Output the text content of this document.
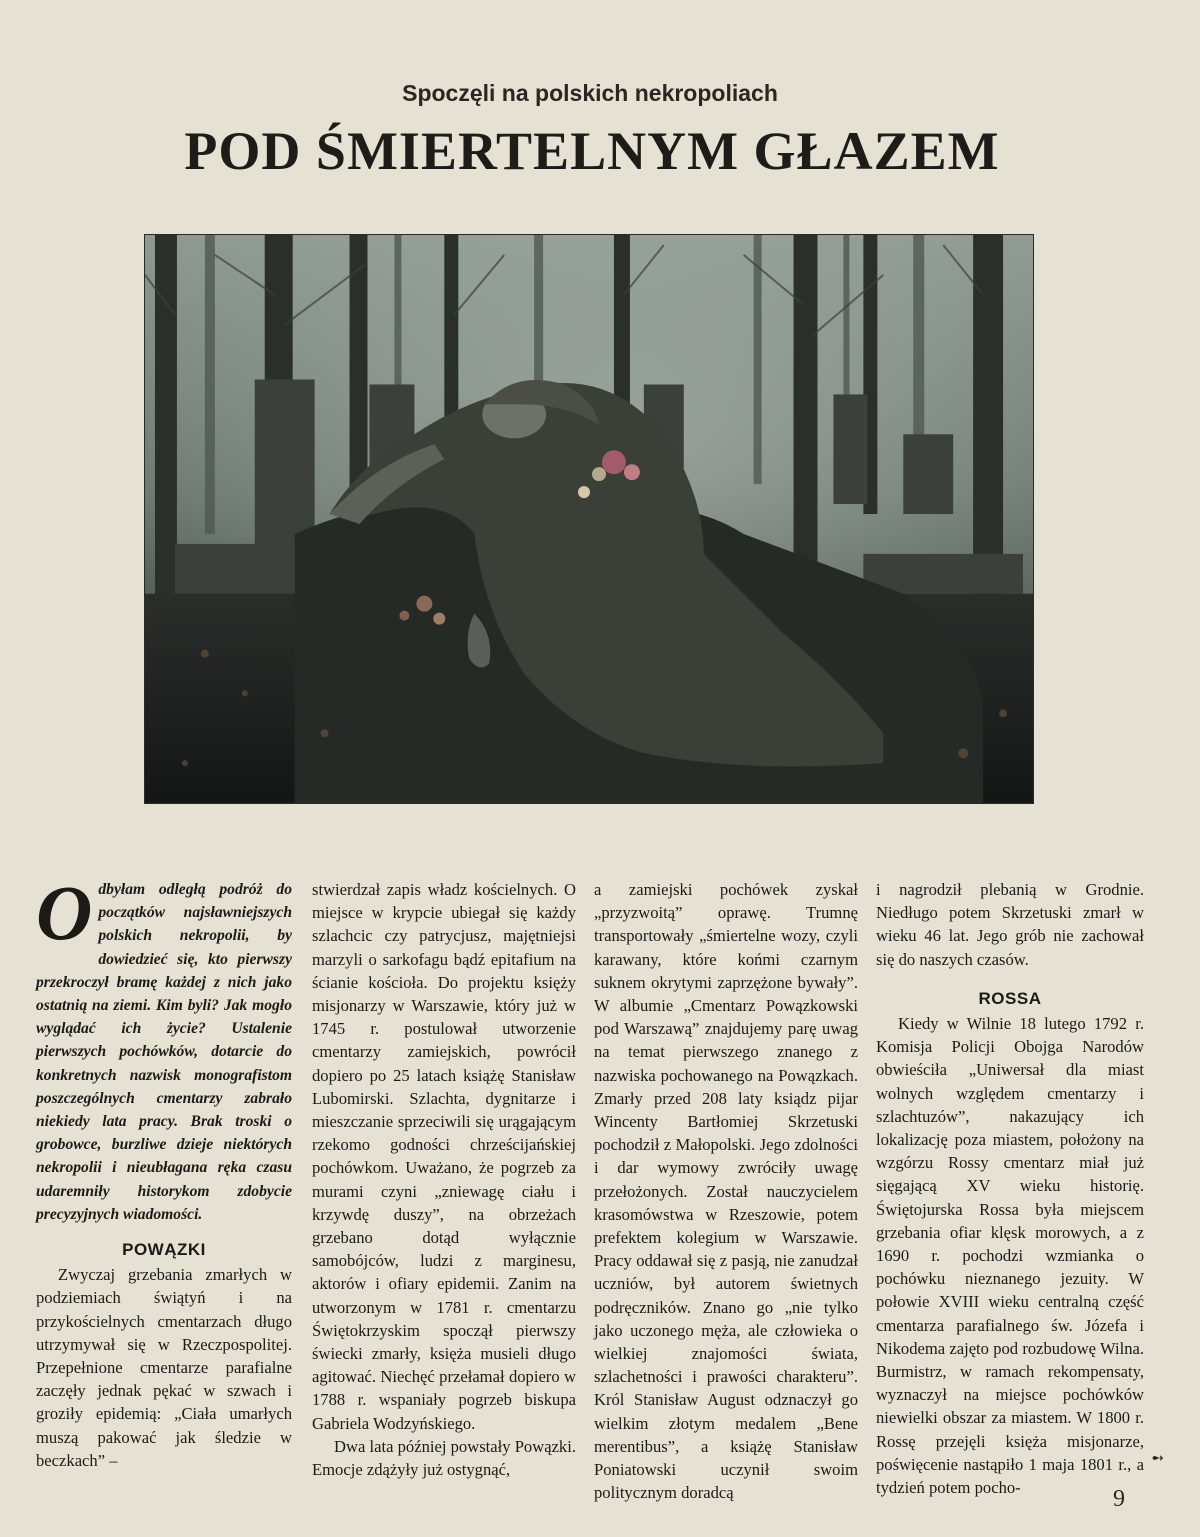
Spoczęli na polskich nekropoliach
POD ŚMIERTELNYM GŁAZEM

Odbyłam odległą podróż do początków najsławniejszych polskich nekropolii, by dowiedzieć się, kto pierwszy przekroczył bramę każdej z nich jako ostatnią na ziemi. Kim byli? Jak mogło wyglądać ich życie? Ustalenie pierwszych pochówków, dotarcie do konkretnych nazwisk monografistom poszczególnych cmentarzy zabrało niekiedy lata pracy. Brak troski o grobowce, burzliwe dzieje niektórych nekropolii i nieubłagana ręka czasu udaremniły historykom zdobycie precyzyjnych wiadomości.

POWĄZKI

Zwyczaj grzebania zmarłych w podziemiach świątyń i na przykościelnych cmentarzach długo utrzymywał się w Rzeczpospolitej. Przepełnione cmentarze parafialne zaczęły jednak pękać w szwach i groziły epidemią: „Ciała umarłych muszą pakować jak śledzie w beczkach” –

stwierdzał zapis władz kościelnych. O miejsce w krypcie ubiegał się każdy szlachcic czy patrycjusz, majętniejsi marzyli o sarkofagu bądź epitafium na ścianie kościoła. Do projektu księży misjonarzy w Warszawie, który już w 1745 r. postulował utworzenie cmentarzy zamiejskich, powrócił dopiero po 25 latach książę Stanisław Lubomirski. Szlachta, dygnitarze i mieszczanie sprzeciwili się urągającym rzekomo godności chrześcijańskiej pochówkom. Uważano, że pogrzeb za murami czyni „zniewagę ciału i krzywdę duszy”, na obrzeżach grzebano dotąd wyłącznie samobójców, ludzi z marginesu, aktorów i ofiary epidemii. Zanim na utworzonym w 1781 r. cmentarzu Świętokrzyskim spoczął pierwszy świecki zmarły, księża musieli długo agitować. Niechęć przełamał dopiero w 1788 r. wspaniały pogrzeb biskupa Gabriela Wodzyńskiego.

Dwa lata później powstały Powązki. Emocje zdążyły już ostygnąć,

a zamiejski pochówek zyskał „przyzwoitą” oprawę. Trumnę transportowały „śmiertelne wozy, czyli karawany, które końmi czarnym suknem okrytymi zaprzężone bywały”. W albumie „Cmentarz Powązkowski pod Warszawą” znajdujemy parę uwag na temat pierwszego znanego z nazwiska pochowanego na Powązkach. Zmarły przed 208 laty ksiądz pijar Wincenty Bartłomiej Skrzetuski pochodził z Małopolski. Jego zdolności i dar wymowy zwróciły uwagę przełożonych. Został nauczycielem krasomówstwa w Rzeszowie, potem prefektem kolegium w Warszawie. Pracy oddawał się z pasją, nie zanudzał uczniów, był autorem świetnych podręczników. Znano go „nie tylko jako uczonego męża, ale człowieka o wielkiej znajomości świata, szlachetności i prawości charakteru”. Król Stanisław August odznaczył go wielkim złotym medalem „Bene merentibus”, a książę Stanisław Poniatowski uczynił swoim politycznym doradcą

i nagrodził plebanią w Grodnie. Niedługo potem Skrzetuski zmarł w wieku 46 lat. Jego grób nie zachował się do naszych czasów.

ROSSA

Kiedy w Wilnie 18 lutego 1792 r. Komisja Policji Obojga Narodów obwieściła „Uniwersał dla miast wolnych względem cmentarzy i szlachtuzów”, nakazujący ich lokalizację poza miastem, położony na wzgórzu Rossy cmentarz miał już sięgającą XV wieku historię. Świętojurska Rossa była miejscem grzebania ofiar klęsk morowych, a z 1690 r. pochodzi wzmianka o pochówku nieznanego jezuity. W połowie XVIII wieku centralną część cmentarza parafialnego św. Józefa i Nikodema zajęto pod rozbudowę Wilna. Burmistrz, w ramach rekompensaty, wyznaczył na miejsce pochówków niewielki obszar za miastem. W 1800 r. Rossę przejęli księża misjonarze, poświęcenie nastąpiło 1 maja 1801 r., a tydzień potem pocho-

➻
9
